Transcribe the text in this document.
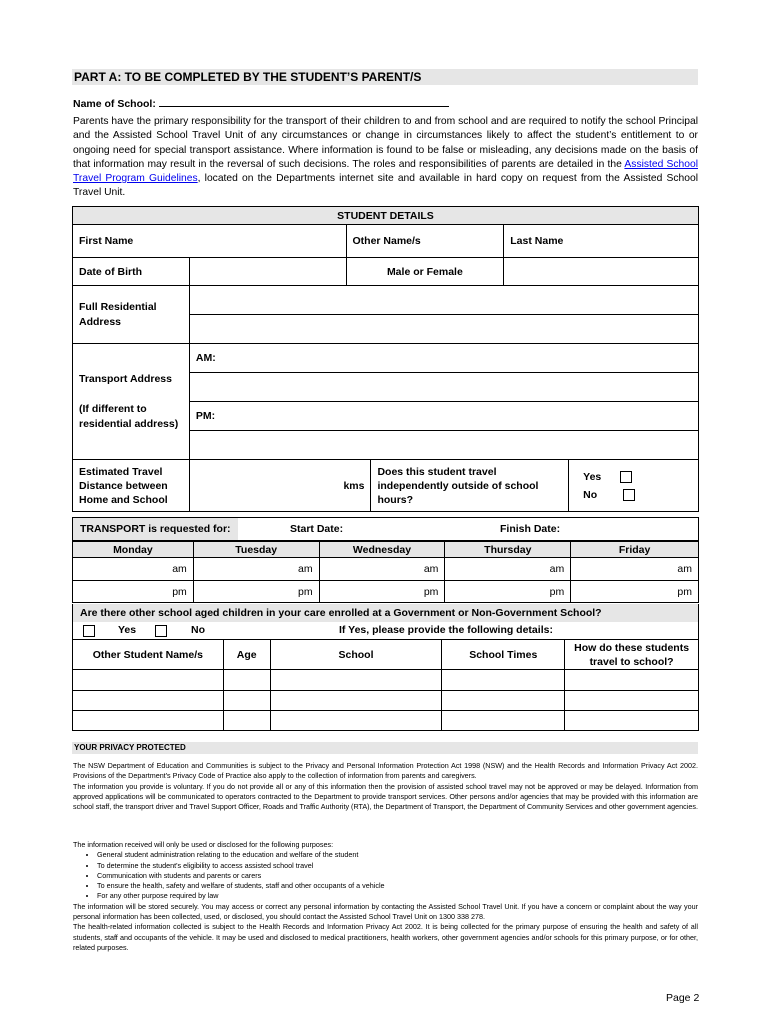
PART A: TO BE COMPLETED BY THE STUDENT’S PARENT/S
Name of School:
Parents have the primary responsibility for the transport of their children to and from school and are required to notify the school Principal and the Assisted School Travel Unit of any circumstances or change in circumstances likely to affect the student’s entitlement to or ongoing need for special transport assistance. Where information is found to be false or misleading, any decisions made on the basis of that information may result in the reversal of such decisions. The roles and responsibilities of parents are detailed in the Assisted School Travel Program Guidelines, located on the Departments internet site and available in hard copy on request from the Assisted School Travel Unit.
STUDENT DETAILS					
First Name		Other Name/s		Last Name	
Date of Birth		Male or Female			
Full Residential
Address					

Transport Address

(If different to
residential address)	AM:				

	PM:				

Estimated Travel
Distance between
Home and School	kms		Does this student travel independently outside of school hours?		Yes
No
TRANSPORT is requested for:	Start Date:	Finish Date:
Monday	Tuesday	Wednesday	Thursday	Friday
am	am	am	am	am
pm	pm	pm	pm	pm
Are there other school aged children in your care enrolled at a Government or Non-Government School?
Yes	No	If Yes, please provide the following details:
Other Student Name/s	Age	School	School Times	How do these students travel to school?

YOUR PRIVACY PROTECTED
The NSW Department of Education and Communities is subject to the Privacy and Personal Information Protection Act 1998 (NSW) and the Health Records and Information Privacy Act 2002. Provisions of the Department's Privacy Code of Practice also apply to the collection of information from parents and caregivers.
The information you provide is voluntary. If you do not provide all or any of this information then the provision of assisted school travel may not be approved or may be delayed. Information from approved applications will be communicated to operators contracted to the Department to provide transport services. Other persons and/or agencies that may be provided with this information are school staff, the transport driver and Travel Support Officer, Roads and Traffic Authority (RTA), the Department of Transport, the Department of Community Services and other government agencies.
The information received will only be used or disclosed for the following purposes:
• General student administration relating to the education and welfare of the student
• To determine the student's eligibility to access assisted school travel
• Communication with students and parents or carers
• To ensure the health, safety and welfare of students, staff and other occupants of a vehicle
• For any other purpose required by law
The information will be stored securely. You may access or correct any personal information by contacting the Assisted School Travel Unit. If you have a concern or complaint about the way your personal information has been collected, used, or disclosed, you should contact the Assisted School Travel Unit on 1300 338 278.
The health-related information collected is subject to the Health Records and Information Privacy Act 2002. It is being collected for the primary purpose of ensuring the health and safety of all students, staff and occupants of the vehicle. It may be used and disclosed to medical practitioners, health workers, other government agencies and/or schools for this primary purpose, or for other, related purposes.
Page 2
